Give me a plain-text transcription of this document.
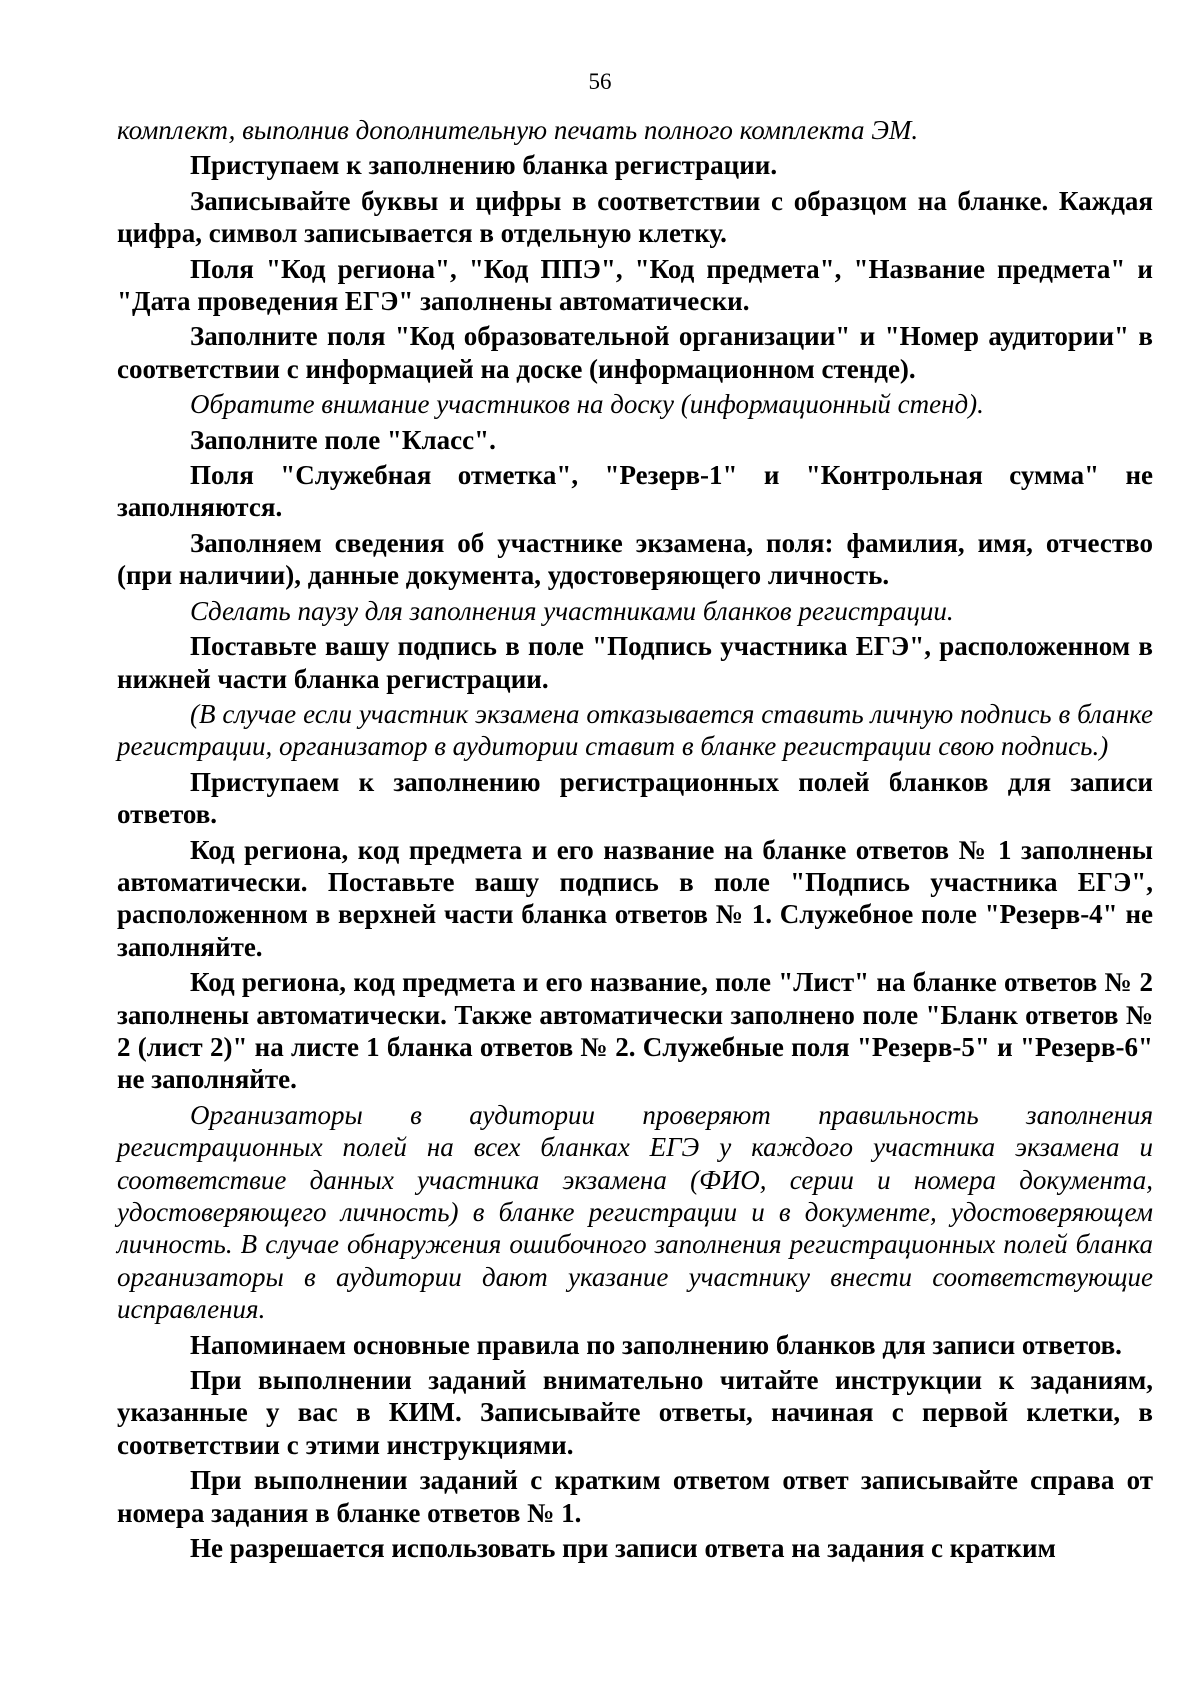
56

комплект, выполнив дополнительную печать полного комплекта ЭМ.

Приступаем к заполнению бланка регистрации.

Записывайте буквы и цифры в соответствии с образцом на бланке. Каждая цифра, символ записывается в отдельную клетку.

Поля "Код региона", "Код ППЭ", "Код предмета", "Название предмета" и "Дата проведения ЕГЭ" заполнены автоматически.

Заполните поля "Код образовательной организации" и "Номер аудитории" в соответствии с информацией на доске (информационном стенде).

Обратите внимание участников на доску (информационный стенд).

Заполните поле "Класс".

Поля "Служебная отметка", "Резерв-1" и "Контрольная сумма" не заполняются.

Заполняем сведения об участнике экзамена, поля: фамилия, имя, отчество (при наличии), данные документа, удостоверяющего личность.

Сделать паузу для заполнения участниками бланков регистрации.

Поставьте вашу подпись в поле "Подпись участника ЕГЭ", расположенном в нижней части бланка регистрации.

(В случае если участник экзамена отказывается ставить личную подпись в бланке регистрации, организатор в аудитории ставит в бланке регистрации свою подпись.)

Приступаем к заполнению регистрационных полей бланков для записи ответов.

Код региона, код предмета и его название на бланке ответов № 1 заполнены автоматически. Поставьте вашу подпись в поле "Подпись участника ЕГЭ", расположенном в верхней части бланка ответов № 1. Служебное поле "Резерв-4" не заполняйте.

Код региона, код предмета и его название, поле "Лист" на бланке ответов № 2 заполнены автоматически. Также автоматически заполнено поле "Бланк ответов № 2 (лист 2)" на листе 1 бланка ответов № 2. Служебные поля "Резерв-5" и "Резерв-6" не заполняйте.

Организаторы в аудитории проверяют правильность заполнения регистрационных полей на всех бланках ЕГЭ у каждого участника экзамена и соответствие данных участника экзамена (ФИО, серии и номера документа, удостоверяющего личность) в бланке регистрации и в документе, удостоверяющем личность. В случае обнаружения ошибочного заполнения регистрационных полей бланка организаторы в аудитории дают указание участнику внести соответствующие исправления.

Напоминаем основные правила по заполнению бланков для записи ответов.

При выполнении заданий внимательно читайте инструкции к заданиям, указанные у вас в КИМ. Записывайте ответы, начиная с первой клетки, в соответствии с этими инструкциями.

При выполнении заданий с кратким ответом ответ записывайте справа от номера задания в бланке ответов № 1.

Не разрешается использовать при записи ответа на задания с кратким
